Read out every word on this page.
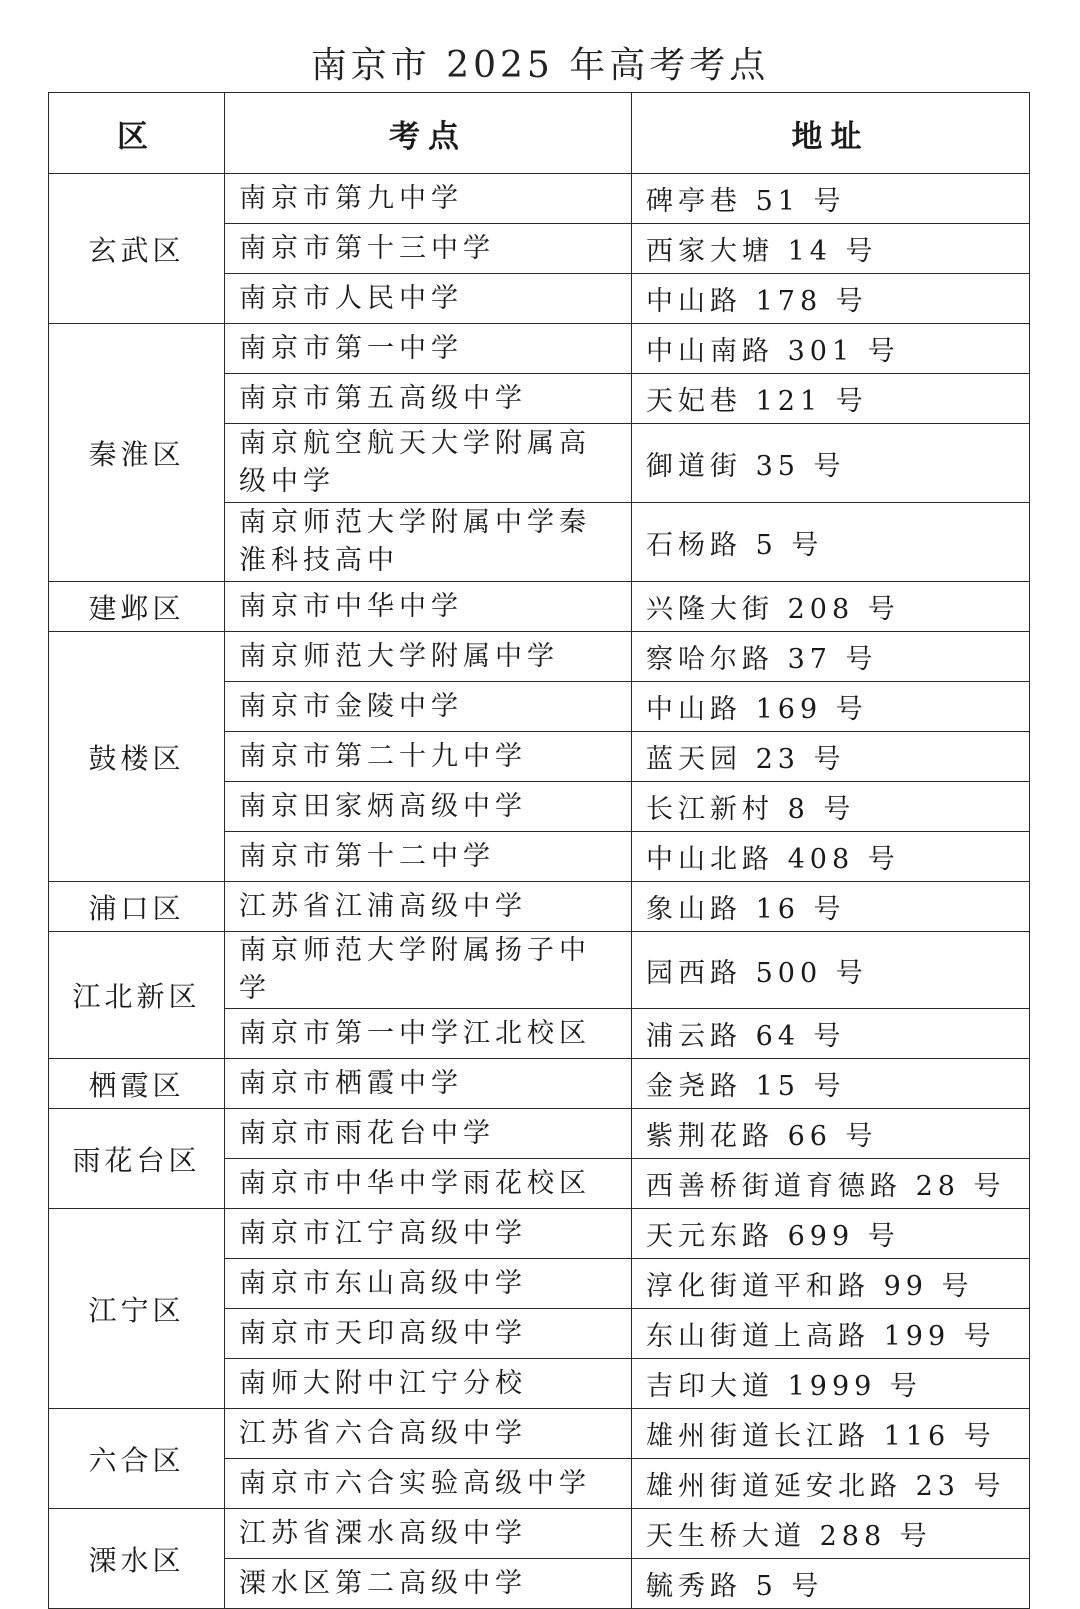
南京市 2025 年高考考点
区	考点	地址
玄武区	南京市第九中学	碑亭巷 51 号
	南京市第十三中学	西家大塘 14 号
	南京市人民中学	中山路 178 号
秦淮区	南京市第一中学	中山南路 301 号
	南京市第五高级中学	天妃巷 121 号
	南京航空航天大学附属高级中学	御道街 35 号
	南京师范大学附属中学秦淮科技高中	石杨路 5 号
建邺区	南京市中华中学	兴隆大街 208 号
鼓楼区	南京师范大学附属中学	察哈尔路 37 号
	南京市金陵中学	中山路 169 号
	南京市第二十九中学	蓝天园 23 号
	南京田家炳高级中学	长江新村 8 号
	南京市第十二中学	中山北路 408 号
浦口区	江苏省江浦高级中学	象山路 16 号
江北新区	南京师范大学附属扬子中学	园西路 500 号
	南京市第一中学江北校区	浦云路 64 号
栖霞区	南京市栖霞中学	金尧路 15 号
雨花台区	南京市雨花台中学	紫荆花路 66 号
	南京市中华中学雨花校区	西善桥街道育德路 28 号
江宁区	南京市江宁高级中学	天元东路 699 号
	南京市东山高级中学	淳化街道平和路 99 号
	南京市天印高级中学	东山街道上高路 199 号
	南师大附中江宁分校	吉印大道 1999 号
六合区	江苏省六合高级中学	雄州街道长江路 116 号
	南京市六合实验高级中学	雄州街道延安北路 23 号
溧水区	江苏省溧水高级中学	天生桥大道 288 号
	溧水区第二高级中学	毓秀路 5 号
